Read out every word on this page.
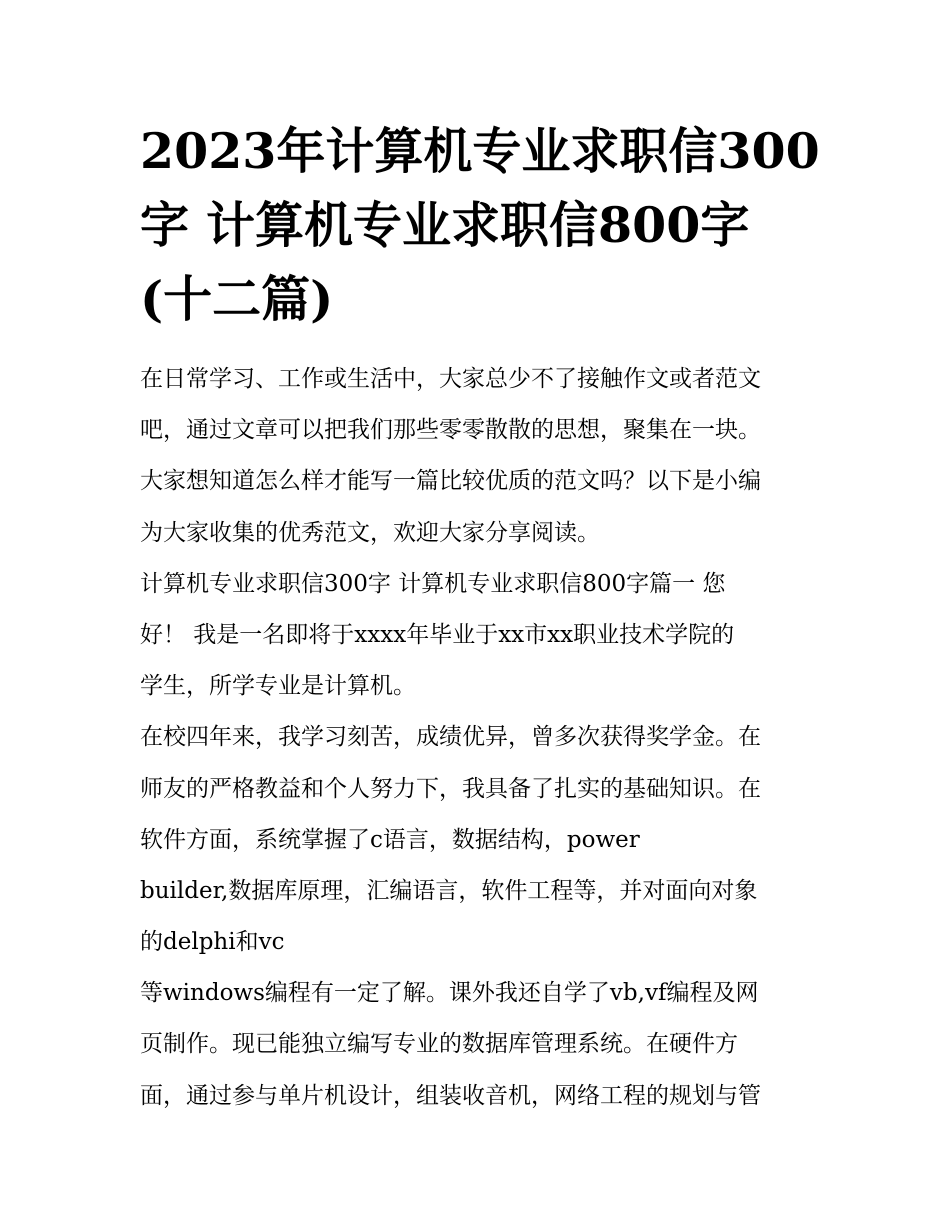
2023年计算机专业求职信300
字 计算机专业求职信800字
(十二篇)
在日常学习、工作或生活中，大家总少不了接触作文或者范文
吧，通过文章可以把我们那些零零散散的思想，聚集在一块。
大家想知道怎么样才能写一篇比较优质的范文吗？以下是小编
为大家收集的优秀范文，欢迎大家分享阅读。
计算机专业求职信300字 计算机专业求职信800字篇一 您
好！ 我是一名即将于xxxx年毕业于xx市xx职业技术学院的
学生，所学专业是计算机。
在校四年来，我学习刻苦，成绩优异，曾多次获得奖学金。在
师友的严格教益和个人努力下，我具备了扎实的基础知识。在
软件方面，系统掌握了c语言，数据结构，power
builder,数据库原理，汇编语言，软件工程等，并对面向对象
的delphi和vc
等windows编程有一定了解。课外我还自学了vb,vf编程及网
页制作。现已能独立编写专业的数据库管理系统。在硬件方
面，通过参与单片机设计，组装收音机，网络工程的规划与管
